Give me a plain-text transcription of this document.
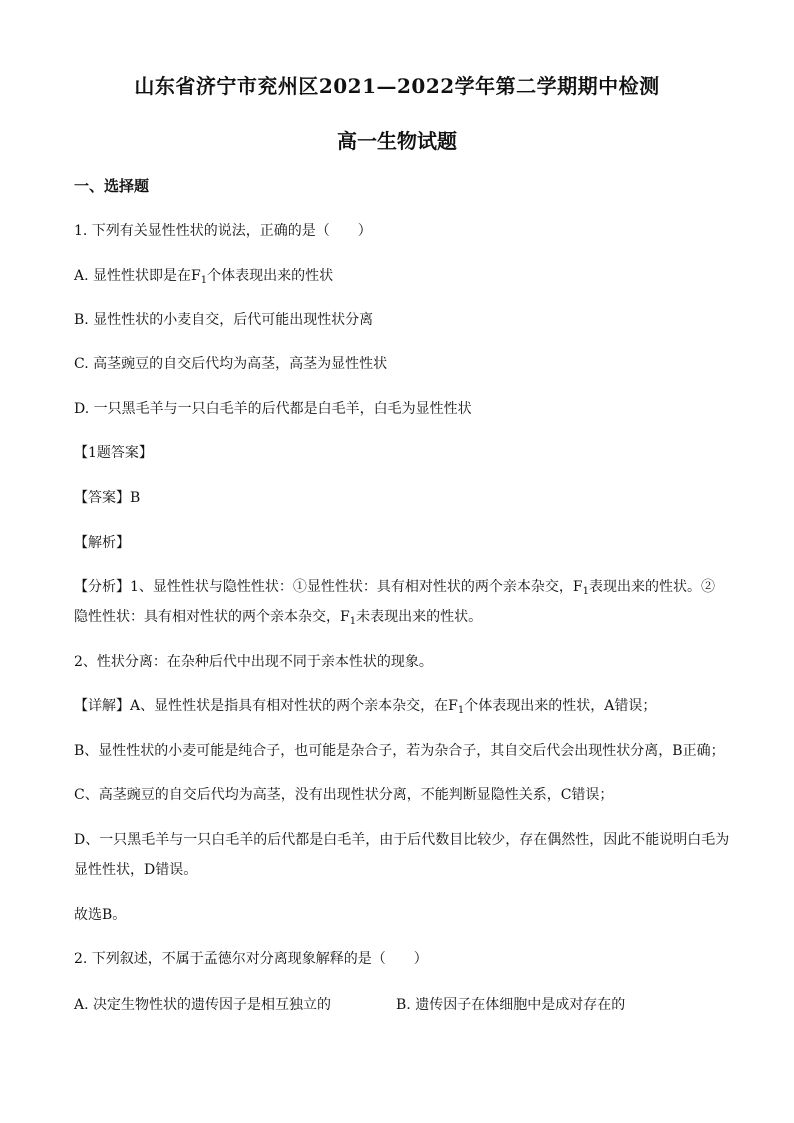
山东省济宁市兖州区2021—2022学年第二学期期中检测
高一生物试题
一、选择题
1. 下列有关显性性状的说法，正确的是（　　）
A. 显性性状即是在$F_1$个体表现出来的性状
B. 显性性状的小麦自交，后代可能出现性状分离
C. 高茎豌豆的自交后代均为高茎，高茎为显性性状
D. 一只黑毛羊与一只白毛羊的后代都是白毛羊，白毛为显性性状
【1题答案】
【答案】B
【解析】
【分析】1、显性性状与隐性性状：①显性性状：具有相对性状的两个亲本杂交，$F_1$表现出来的性状。②
隐性性状：具有相对性状的两个亲本杂交，$F_1$未表现出来的性状。
2、性状分离：在杂种后代中出现不同于亲本性状的现象。
【详解】A、显性性状是指具有相对性状的两个亲本杂交，在$F_1$个体表现出来的性状，A错误；
B、显性性状的小麦可能是纯合子，也可能是杂合子，若为杂合子，其自交后代会出现性状分离，B正确；
C、高茎豌豆的自交后代均为高茎，没有出现性状分离，不能判断显隐性关系，C错误；
D、一只黑毛羊与一只白毛羊的后代都是白毛羊，由于后代数目比较少，存在偶然性，因此不能说明白毛为
显性性状，D错误。
故选B。
2. 下列叙述，不属于孟德尔对分离现象解释的是（　　）
A. 决定生物性状的遗传因子是相互独立的	B. 遗传因子在体细胞中是成对存在的
